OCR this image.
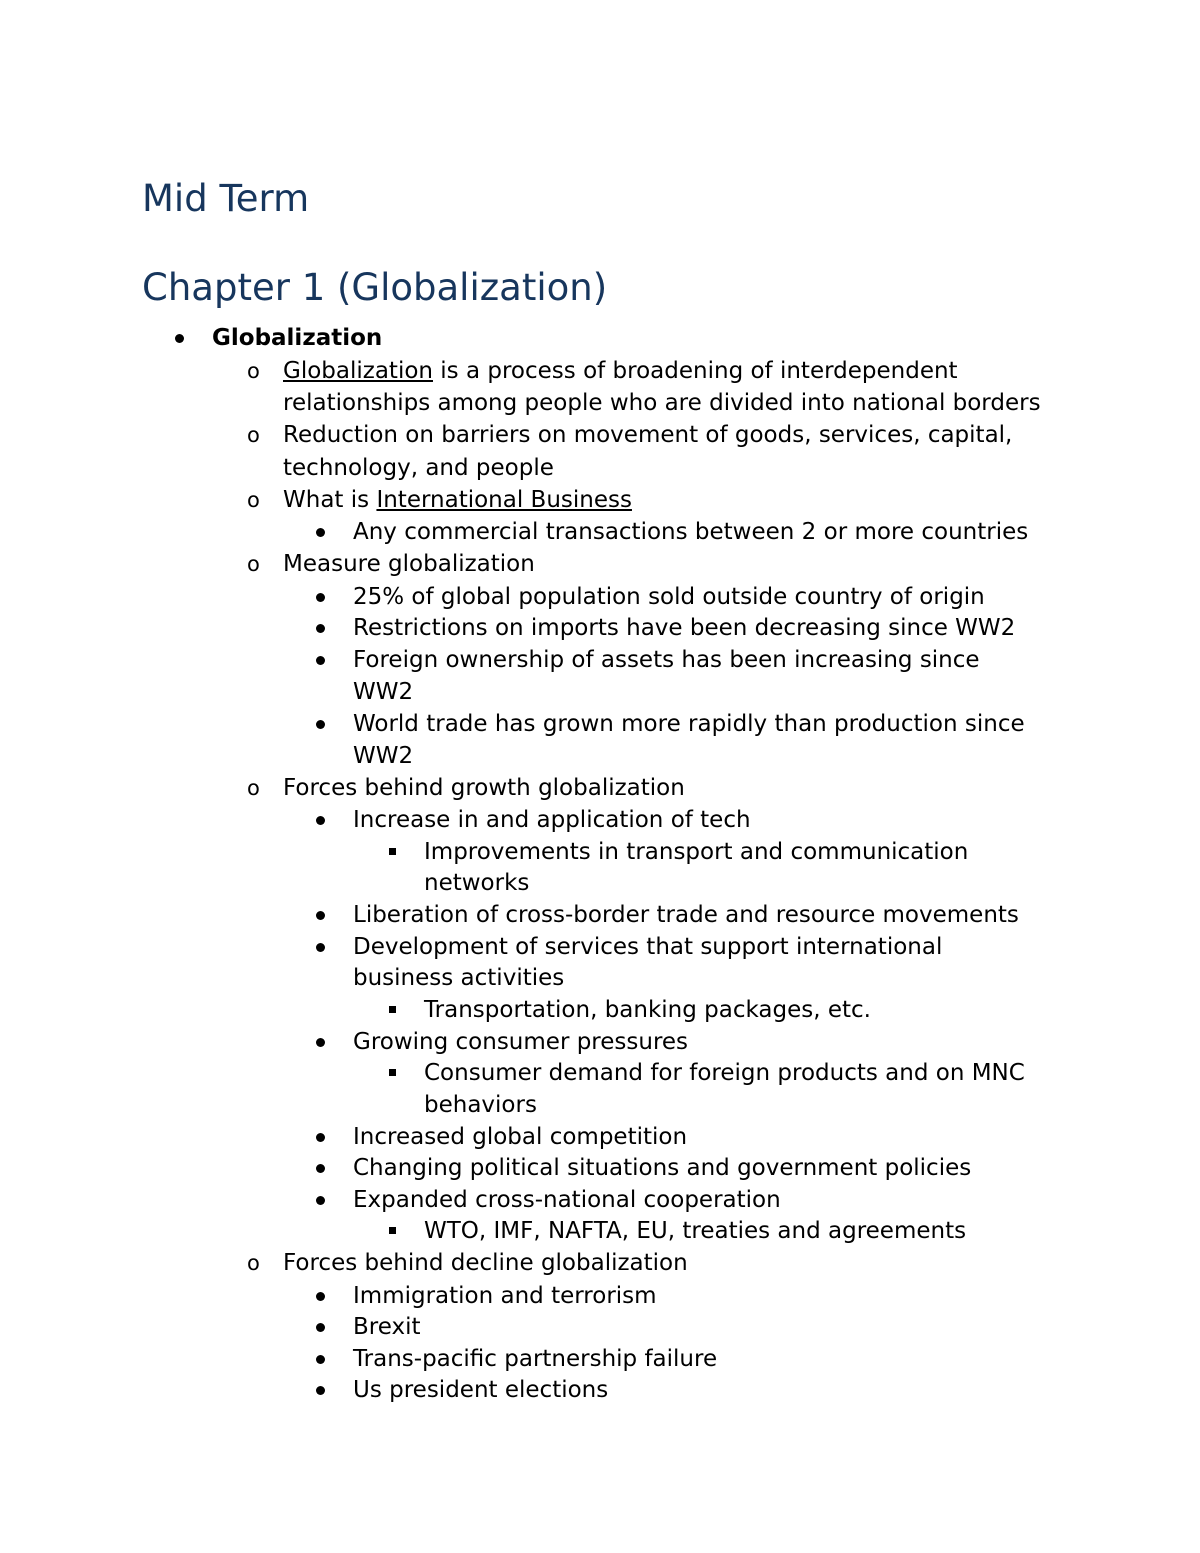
Mid Term
Chapter 1 (Globalization)
Globalization
o Globalization is a process of broadening of interdependent
relationships among people who are divided into national borders
o Reduction on barriers on movement of goods, services, capital,
technology, and people
o What is International Business
Any commercial transactions between 2 or more countries
o Measure globalization
25% of global population sold outside country of origin
Restrictions on imports have been decreasing since WW2
Foreign ownership of assets has been increasing since
WW2
World trade has grown more rapidly than production since
WW2
o Forces behind growth globalization
Increase in and application of tech
Improvements in transport and communication
networks
Liberation of cross-border trade and resource movements
Development of services that support international
business activities
Transportation, banking packages, etc.
Growing consumer pressures
Consumer demand for foreign products and on MNC
behaviors
Increased global competition
Changing political situations and government policies
Expanded cross-national cooperation
WTO, IMF, NAFTA, EU, treaties and agreements
o Forces behind decline globalization
Immigration and terrorism
Brexit
Trans-pacific partnership failure
Us president elections
